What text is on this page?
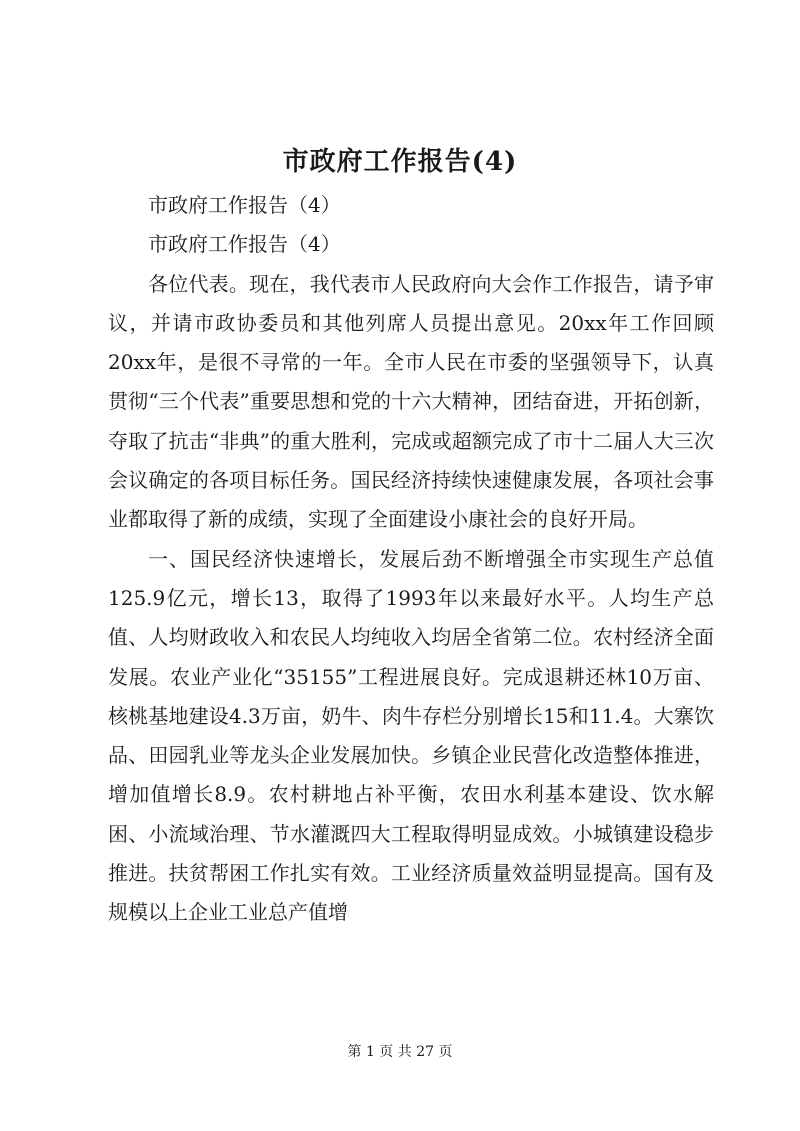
市政府工作报告(4)

市政府工作报告（4）

市政府工作报告（4）

各位代表。现在，我代表市人民政府向大会作工作报告，请予审议，并请市政协委员和其他列席人员提出意见。20xx年工作回顾20xx年，是很不寻常的一年。全市人民在市委的坚强领导下，认真贯彻“三个代表”重要思想和党的十六大精神，团结奋进，开拓创新，夺取了抗击“非典”的重大胜利，完成或超额完成了市十二届人大三次会议确定的各项目标任务。国民经济持续快速健康发展，各项社会事业都取得了新的成绩，实现了全面建设小康社会的良好开局。

一、国民经济快速增长，发展后劲不断增强全市实现生产总值125.9亿元，增长13，取得了1993年以来最好水平。人均生产总值、人均财政收入和农民人均纯收入均居全省第二位。农村经济全面发展。农业产业化“35155”工程进展良好。完成退耕还林10万亩、核桃基地建设4.3万亩，奶牛、肉牛存栏分别增长15和11.4。大寨饮品、田园乳业等龙头企业发展加快。乡镇企业民营化改造整体推进，增加值增长8.9。农村耕地占补平衡，农田水利基本建设、饮水解困、小流域治理、节水灌溉四大工程取得明显成效。小城镇建设稳步推进。扶贫帮困工作扎实有效。工业经济质量效益明显提高。国有及规模以上企业工业总产值增

第 1 页 共 27 页
